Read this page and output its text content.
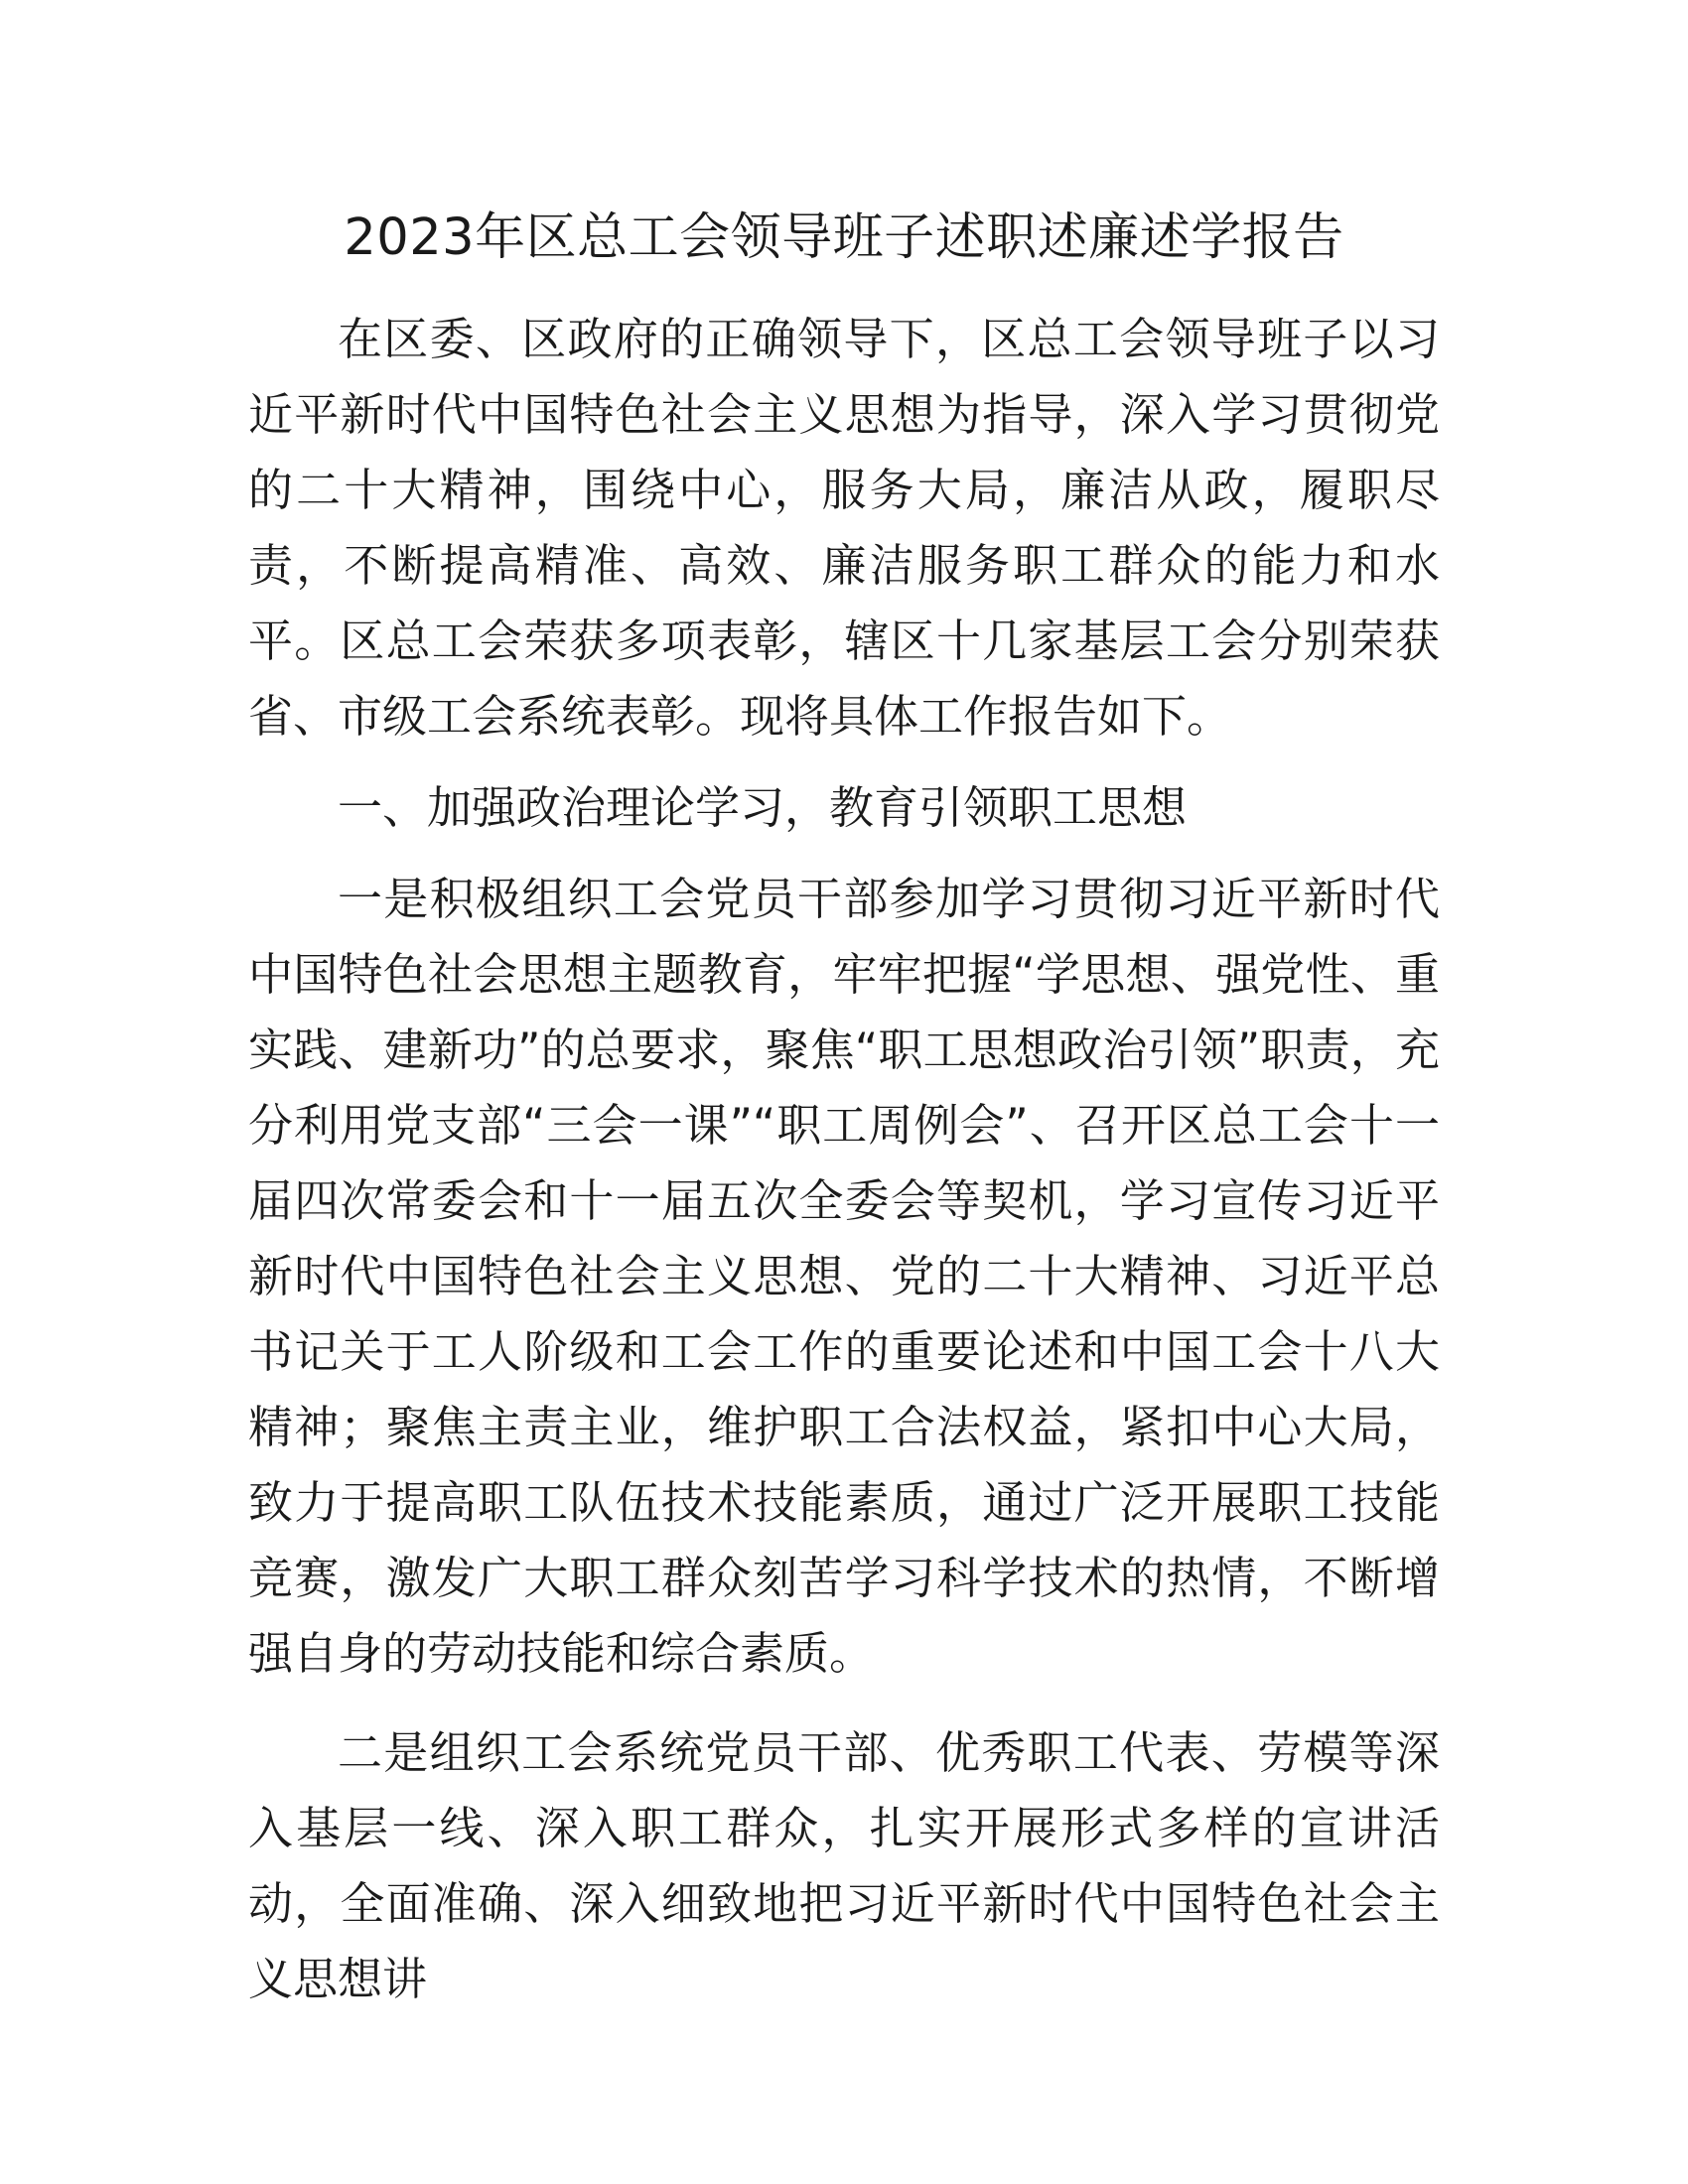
2023年区总工会领导班子述职述廉述学报告

在区委、区政府的正确领导下，区总工会领导班子以习近平新时代中国特色社会主义思想为指导，深入学习贯彻党的二十大精神，围绕中心，服务大局，廉洁从政，履职尽责，不断提高精准、高效、廉洁服务职工群众的能力和水平。区总工会荣获多项表彰，辖区十几家基层工会分别荣获省、市级工会系统表彰。现将具体工作报告如下。

一、加强政治理论学习，教育引领职工思想

一是积极组织工会党员干部参加学习贯彻习近平新时代中国特色社会思想主题教育，牢牢把握“学思想、强党性、重实践、建新功”的总要求，聚焦“职工思想政治引领”职责，充分利用党支部“三会一课”“职工周例会”、召开区总工会十一届四次常委会和十一届五次全委会等契机，学习宣传习近平新时代中国特色社会主义思想、党的二十大精神、习近平总书记关于工人阶级和工会工作的重要论述和中国工会十八大精神；聚焦主责主业，维护职工合法权益，紧扣中心大局，致力于提高职工队伍技术技能素质，通过广泛开展职工技能竞赛，激发广大职工群众刻苦学习科学技术的热情，不断增强自身的劳动技能和综合素质。

二是组织工会系统党员干部、优秀职工代表、劳模等深入基层一线、深入职工群众，扎实开展形式多样的宣讲活动，全面准确、深入细致地把习近平新时代中国特色社会主义思想讲
